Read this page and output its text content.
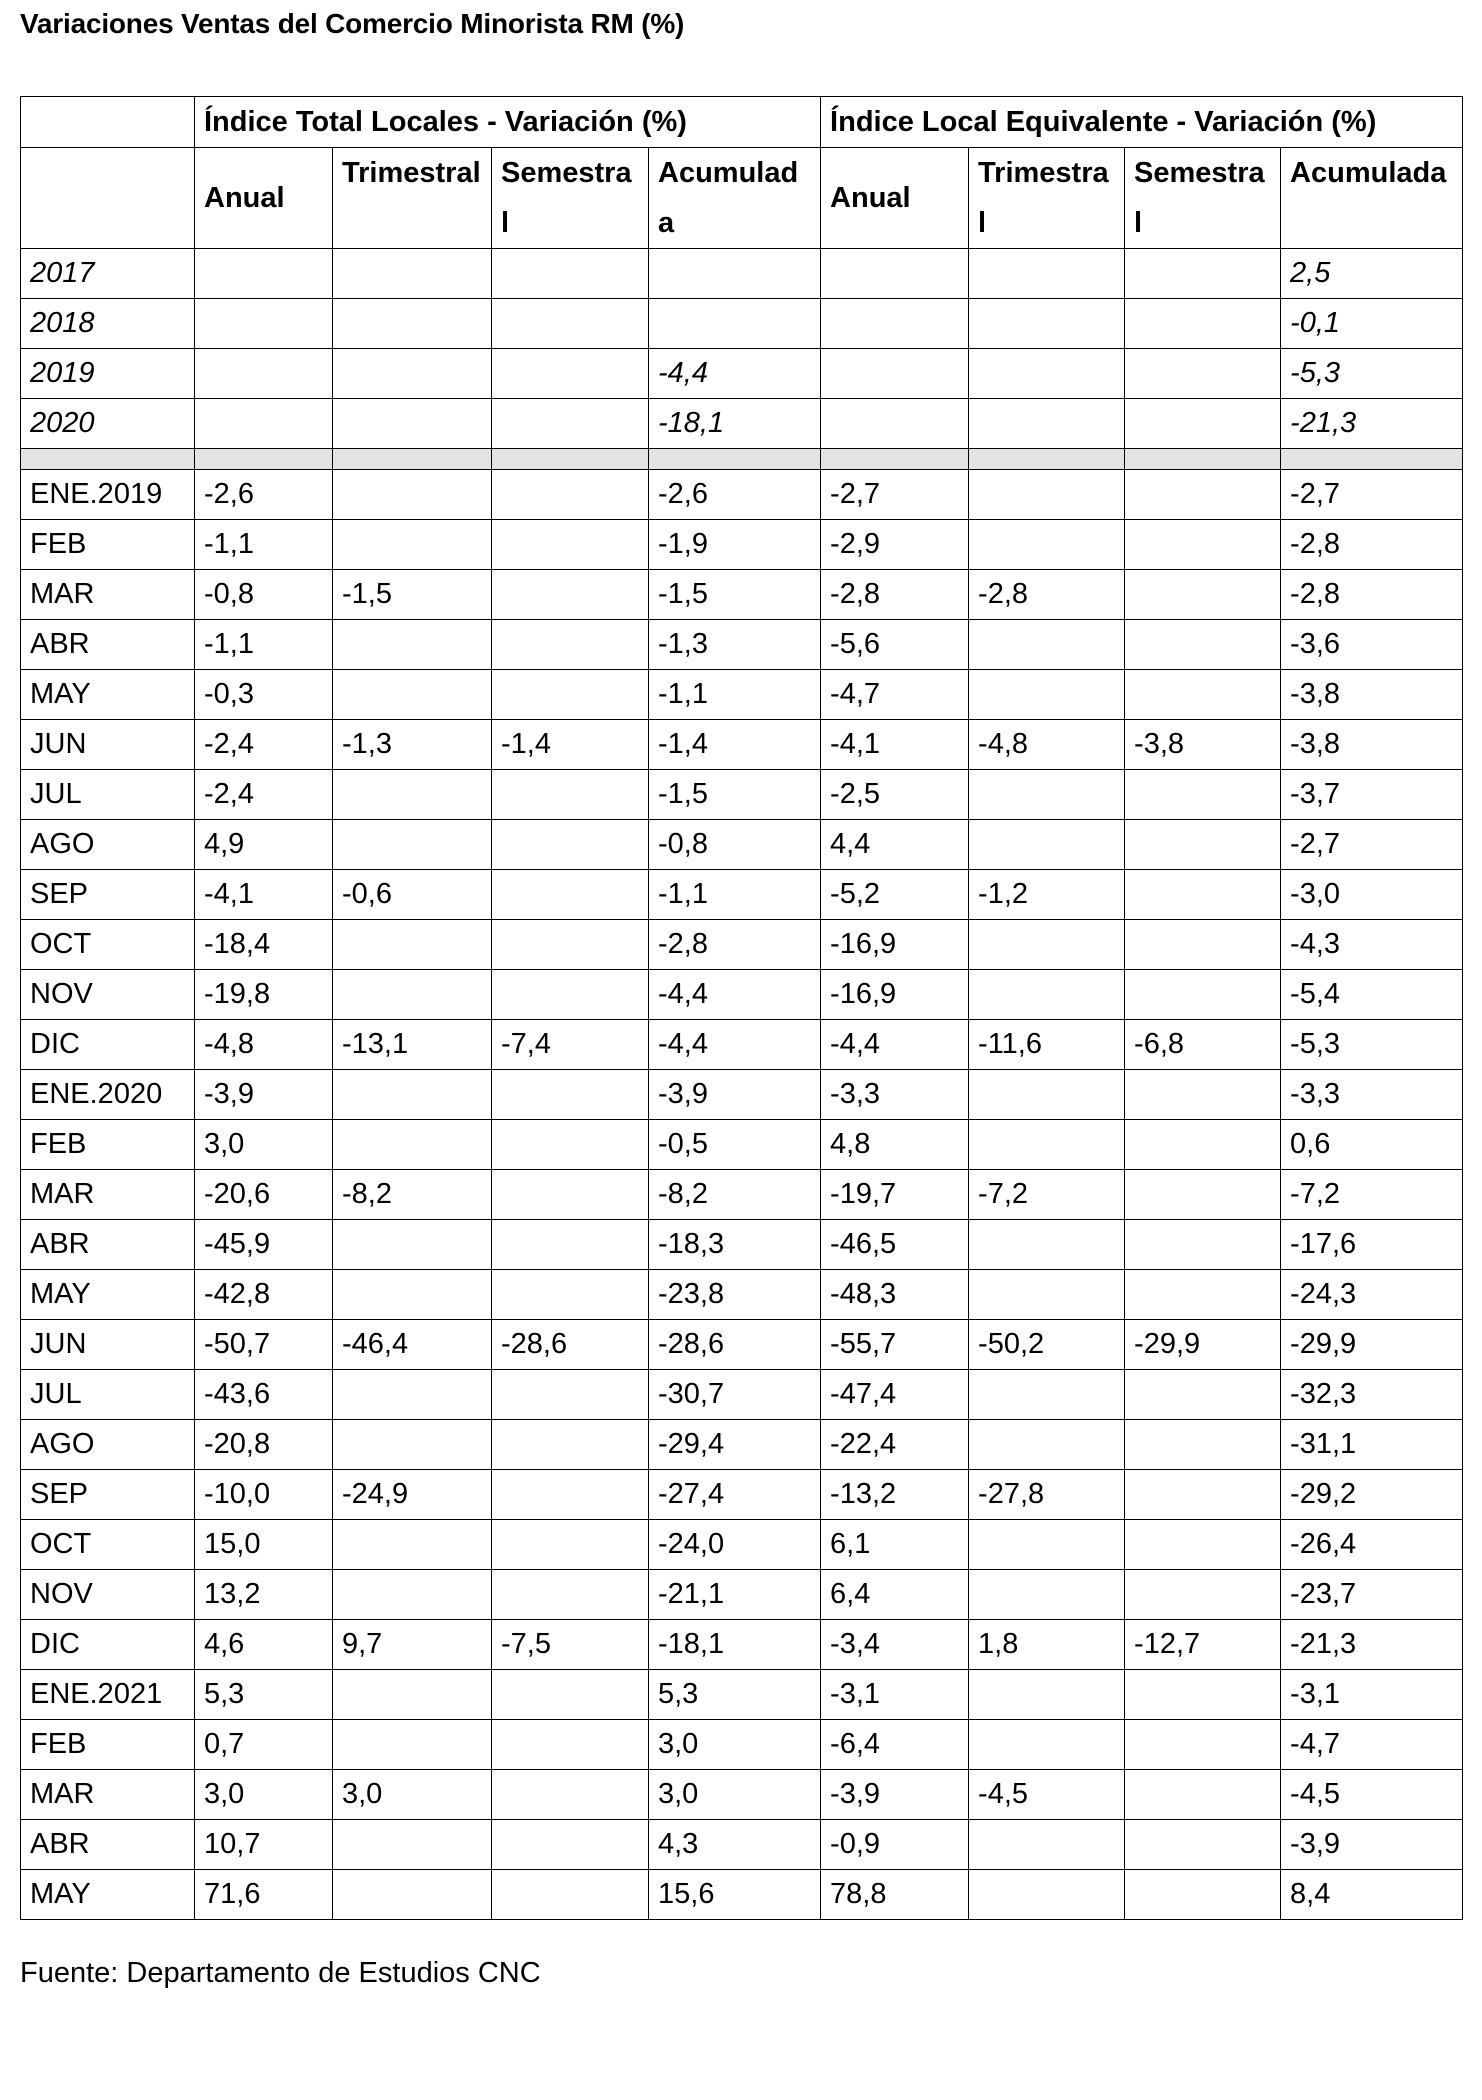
Variaciones Ventas del Comercio Minorista RM (%)
	Índice Total Locales - Variación (%)				Índice Local Equivalente - Variación (%)			
	Anual	Trimestral	Semestral	Acumulada	Anual	Trimestral	Semestral	Acumulada
2017								2,5
2018								-0,1
2019				-4,4				-5,3
2020				-18,1				-21,3

ENE.2019	-2,6			-2,6	-2,7			-2,7
FEB	-1,1			-1,9	-2,9			-2,8
MAR	-0,8	-1,5		-1,5	-2,8	-2,8		-2,8
ABR	-1,1			-1,3	-5,6			-3,6
MAY	-0,3			-1,1	-4,7			-3,8
JUN	-2,4	-1,3	-1,4	-1,4	-4,1	-4,8	-3,8	-3,8
JUL	-2,4			-1,5	-2,5			-3,7
AGO	4,9			-0,8	4,4			-2,7
SEP	-4,1	-0,6		-1,1	-5,2	-1,2		-3,0
OCT	-18,4			-2,8	-16,9			-4,3
NOV	-19,8			-4,4	-16,9			-5,4
DIC	-4,8	-13,1	-7,4	-4,4	-4,4	-11,6	-6,8	-5,3
ENE.2020	-3,9			-3,9	-3,3			-3,3
FEB	3,0			-0,5	4,8			0,6
MAR	-20,6	-8,2		-8,2	-19,7	-7,2		-7,2
ABR	-45,9			-18,3	-46,5			-17,6
MAY	-42,8			-23,8	-48,3			-24,3
JUN	-50,7	-46,4	-28,6	-28,6	-55,7	-50,2	-29,9	-29,9
JUL	-43,6			-30,7	-47,4			-32,3
AGO	-20,8			-29,4	-22,4			-31,1
SEP	-10,0	-24,9		-27,4	-13,2	-27,8		-29,2
OCT	15,0			-24,0	6,1			-26,4
NOV	13,2			-21,1	6,4			-23,7
DIC	4,6	9,7	-7,5	-18,1	-3,4	1,8	-12,7	-21,3
ENE.2021	5,3			5,3	-3,1			-3,1
FEB	0,7			3,0	-6,4			-4,7
MAR	3,0	3,0		3,0	-3,9	-4,5		-4,5
ABR	10,7			4,3	-0,9			-3,9
MAY	71,6			15,6	78,8			8,4
Fuente: Departamento de Estudios CNC
